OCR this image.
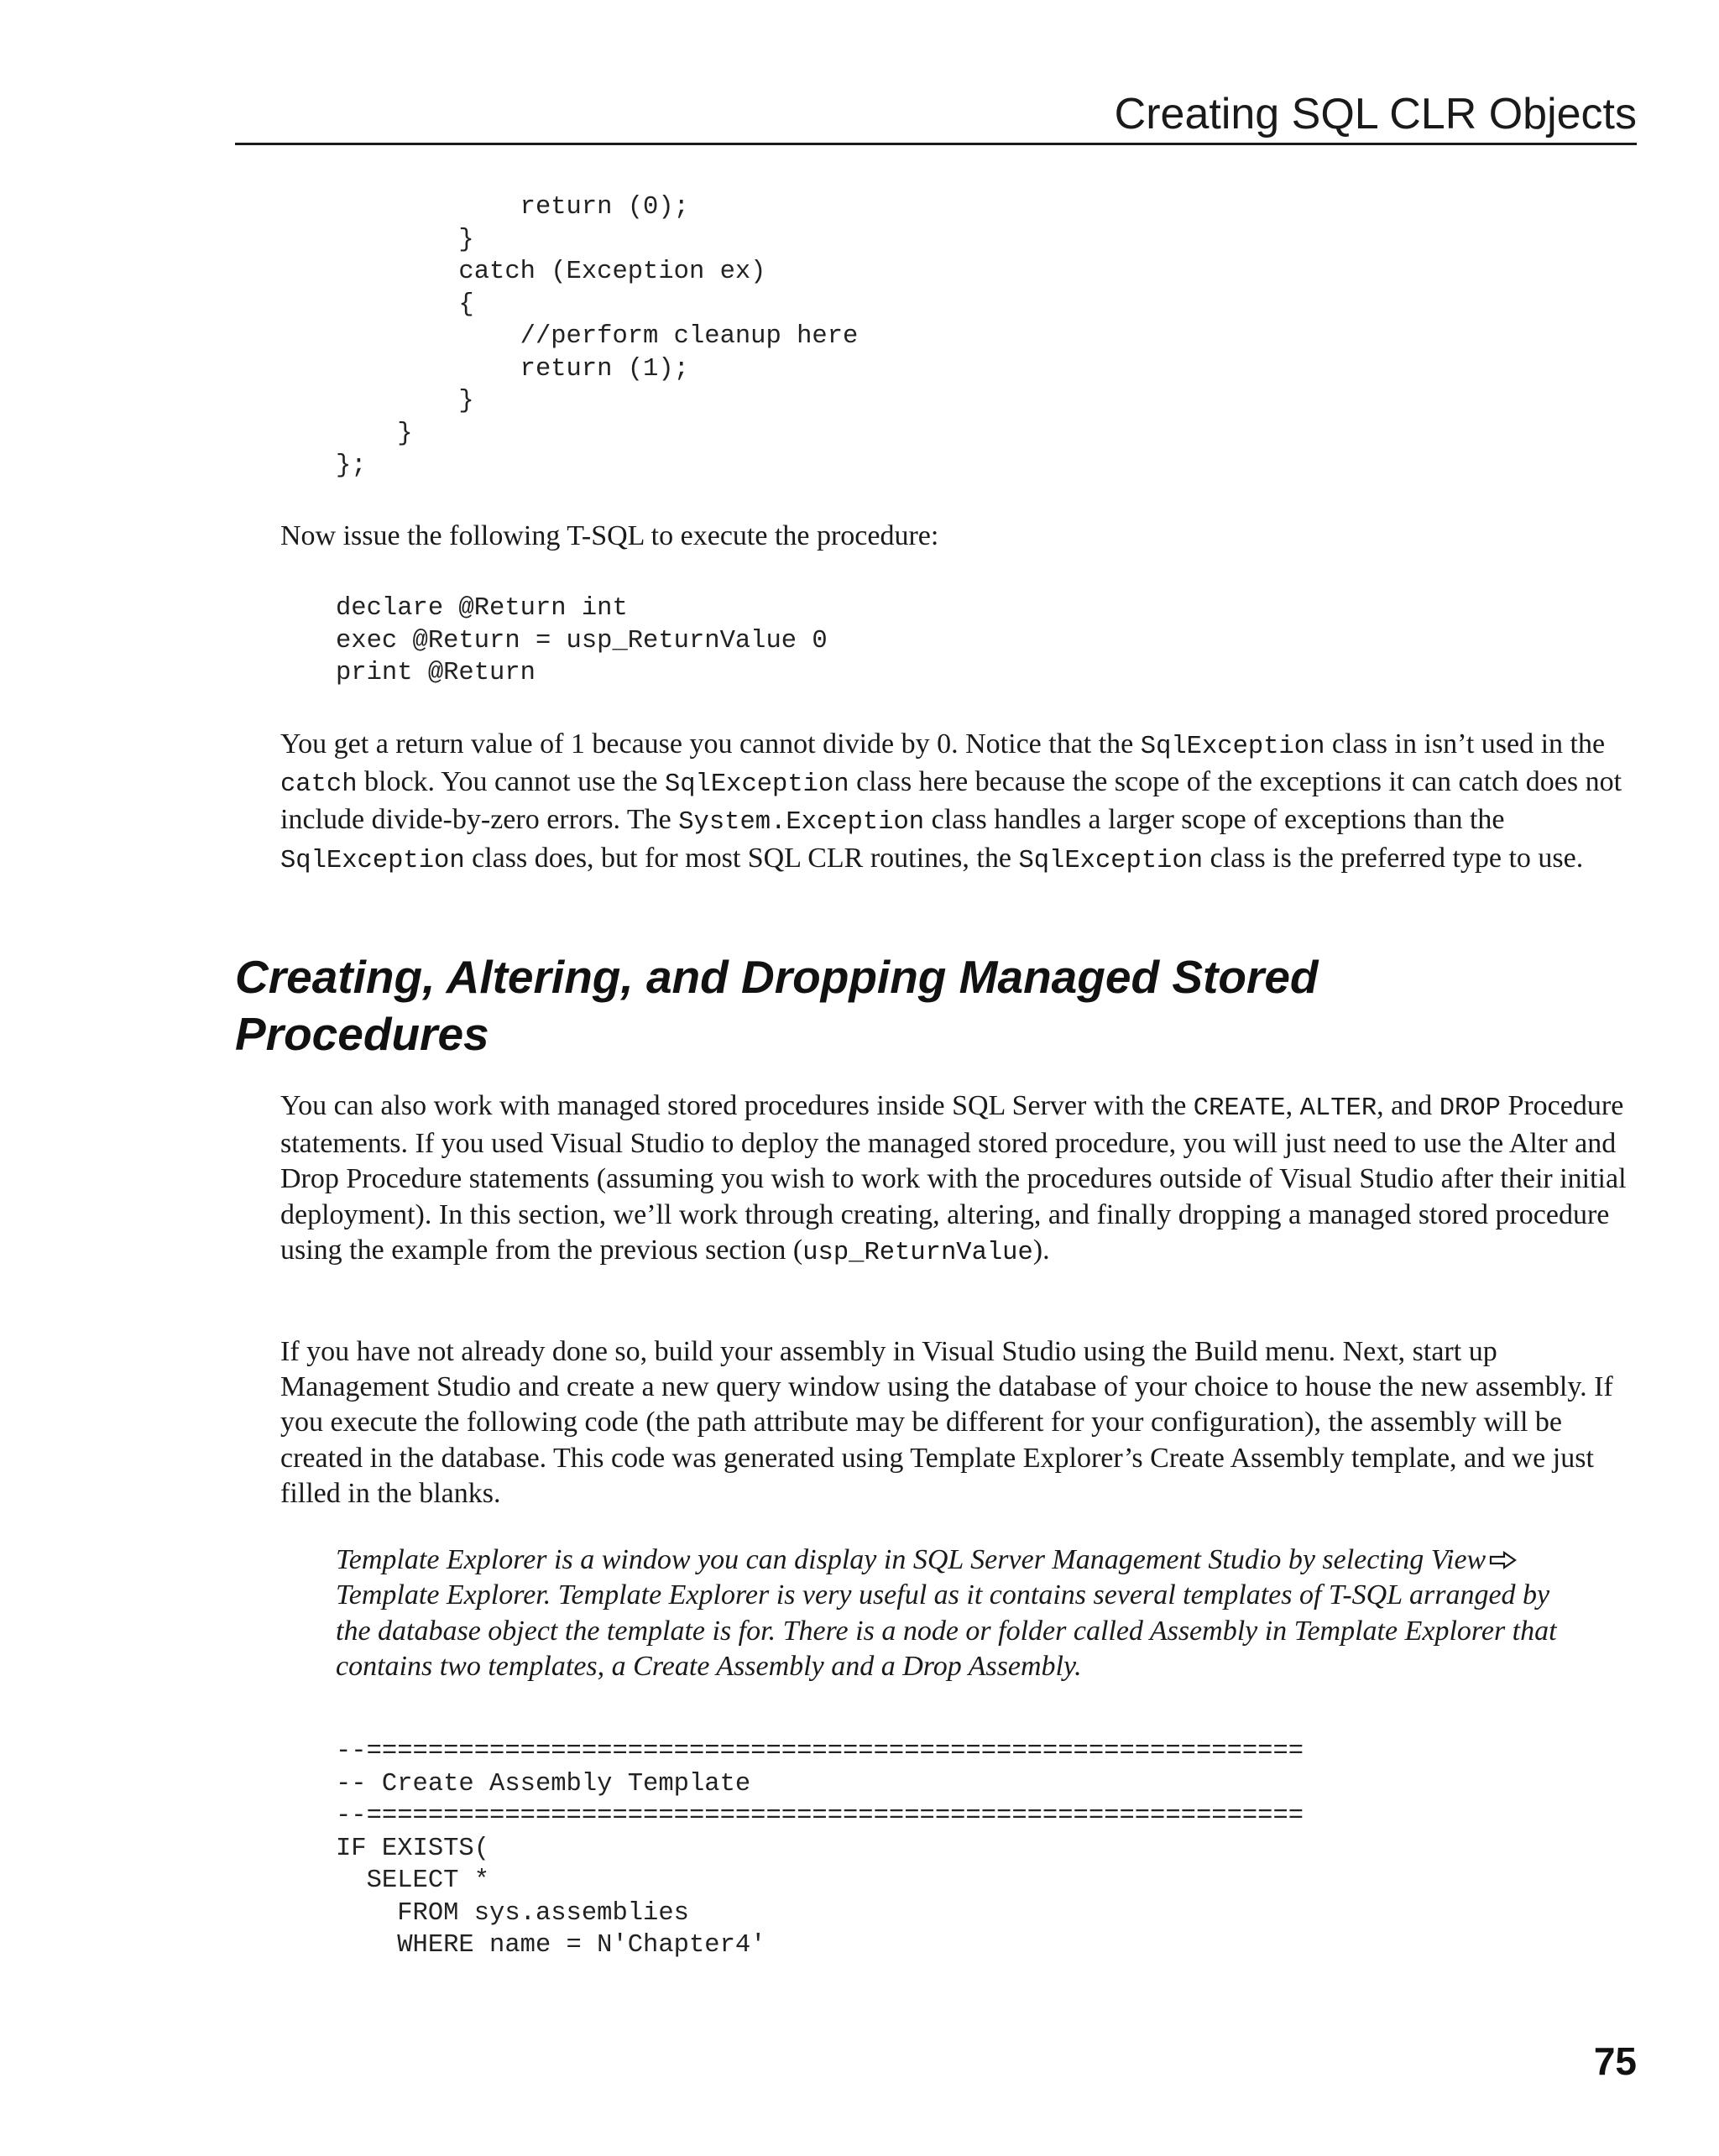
Creating SQL CLR Objects
return (0);
}
catch (Exception ex)
{
//perform cleanup here
return (1);
}
}
};

Now issue the following T-SQL to execute the procedure:

declare @Return int
exec @Return = usp_ReturnValue 0
print @Return

You get a return value of 1 because you cannot divide by 0. Notice that the SqlException class in isn’t used in the catch block. You cannot use the SqlException class here because the scope of the exceptions it can catch does not include divide-by-zero errors. The System.Exception class handles a larger scope of exceptions than the SqlException class does, but for most SQL CLR routines, the SqlException class is the preferred type to use.

Creating, Altering, and Dropping Managed Stored
Procedures

You can also work with managed stored procedures inside SQL Server with the CREATE, ALTER, and DROP Procedure statements. If you used Visual Studio to deploy the managed stored procedure, you will just need to use the Alter and Drop Procedure statements (assuming you wish to work with the procedures outside of Visual Studio after their initial deployment). In this section, we’ll work through creating, altering, and finally dropping a managed stored procedure using the example from the previous section (usp_ReturnValue).

If you have not already done so, build your assembly in Visual Studio using the Build menu. Next, start up Management Studio and create a new query window using the database of your choice to house the new assembly. If you execute the following code (the path attribute may be different for your configuration), the assembly will be created in the database. This code was generated using Template Explorer’s Create Assembly template, and we just filled in the blanks.

Template Explorer is a window you can display in SQL Server Management Studio by selecting View Template Explorer. Template Explorer is very useful as it contains several templates of T-SQL arranged by the database object the template is for. There is a node or folder called Assembly in Template Explorer that contains two templates, a Create Assembly and a Drop Assembly.

--=============================================================
-- Create Assembly Template
--=============================================================
IF EXISTS(
SELECT *
FROM sys.assemblies
WHERE name = N'Chapter4'
75
